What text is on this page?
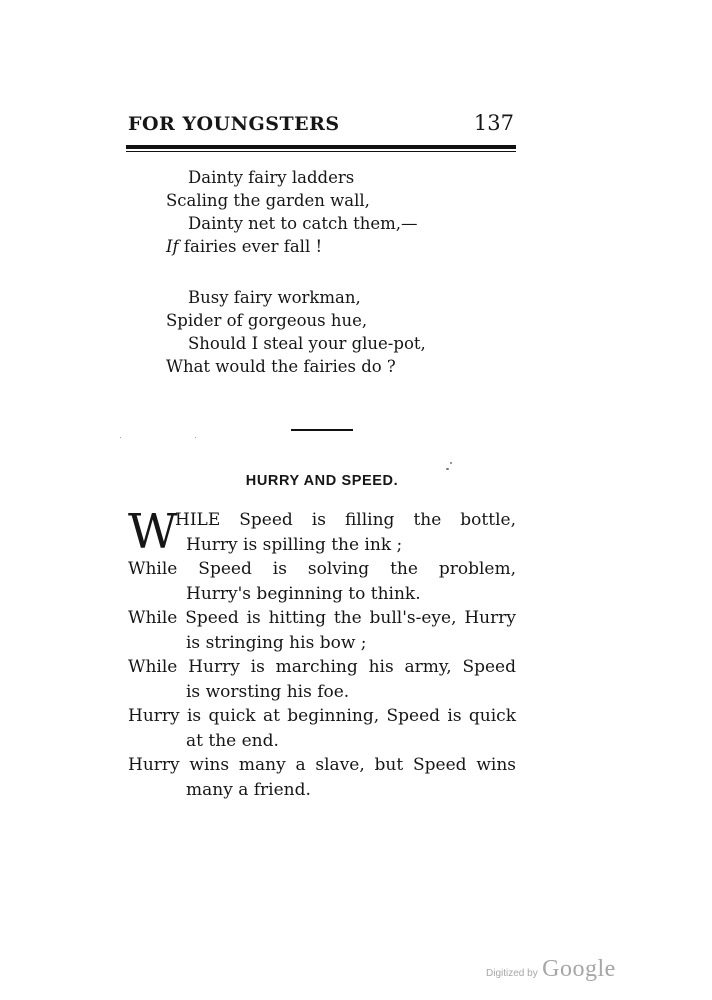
FOR YOUNGSTERS	137
Dainty fairy ladders
Scaling the garden wall,
Dainty net to catch them,—
If fairies ever fall !
Busy fairy workman,
Spider of gorgeous hue,
Should I steal your glue-pot,
What would the fairies do ?
HURRY AND SPEED.
W
HILE Speed is filling the bottle,
Hurry is spilling the ink ;
While Speed is solving the problem,
Hurry's beginning to think.
While Speed is hitting the bull's-eye, Hurry
is stringing his bow ;
While Hurry is marching his army, Speed
is worsting his foe.
Hurry is quick at beginning, Speed is quick
at the end.
Hurry wins many a slave, but Speed wins
many a friend.
Digitized by Google
